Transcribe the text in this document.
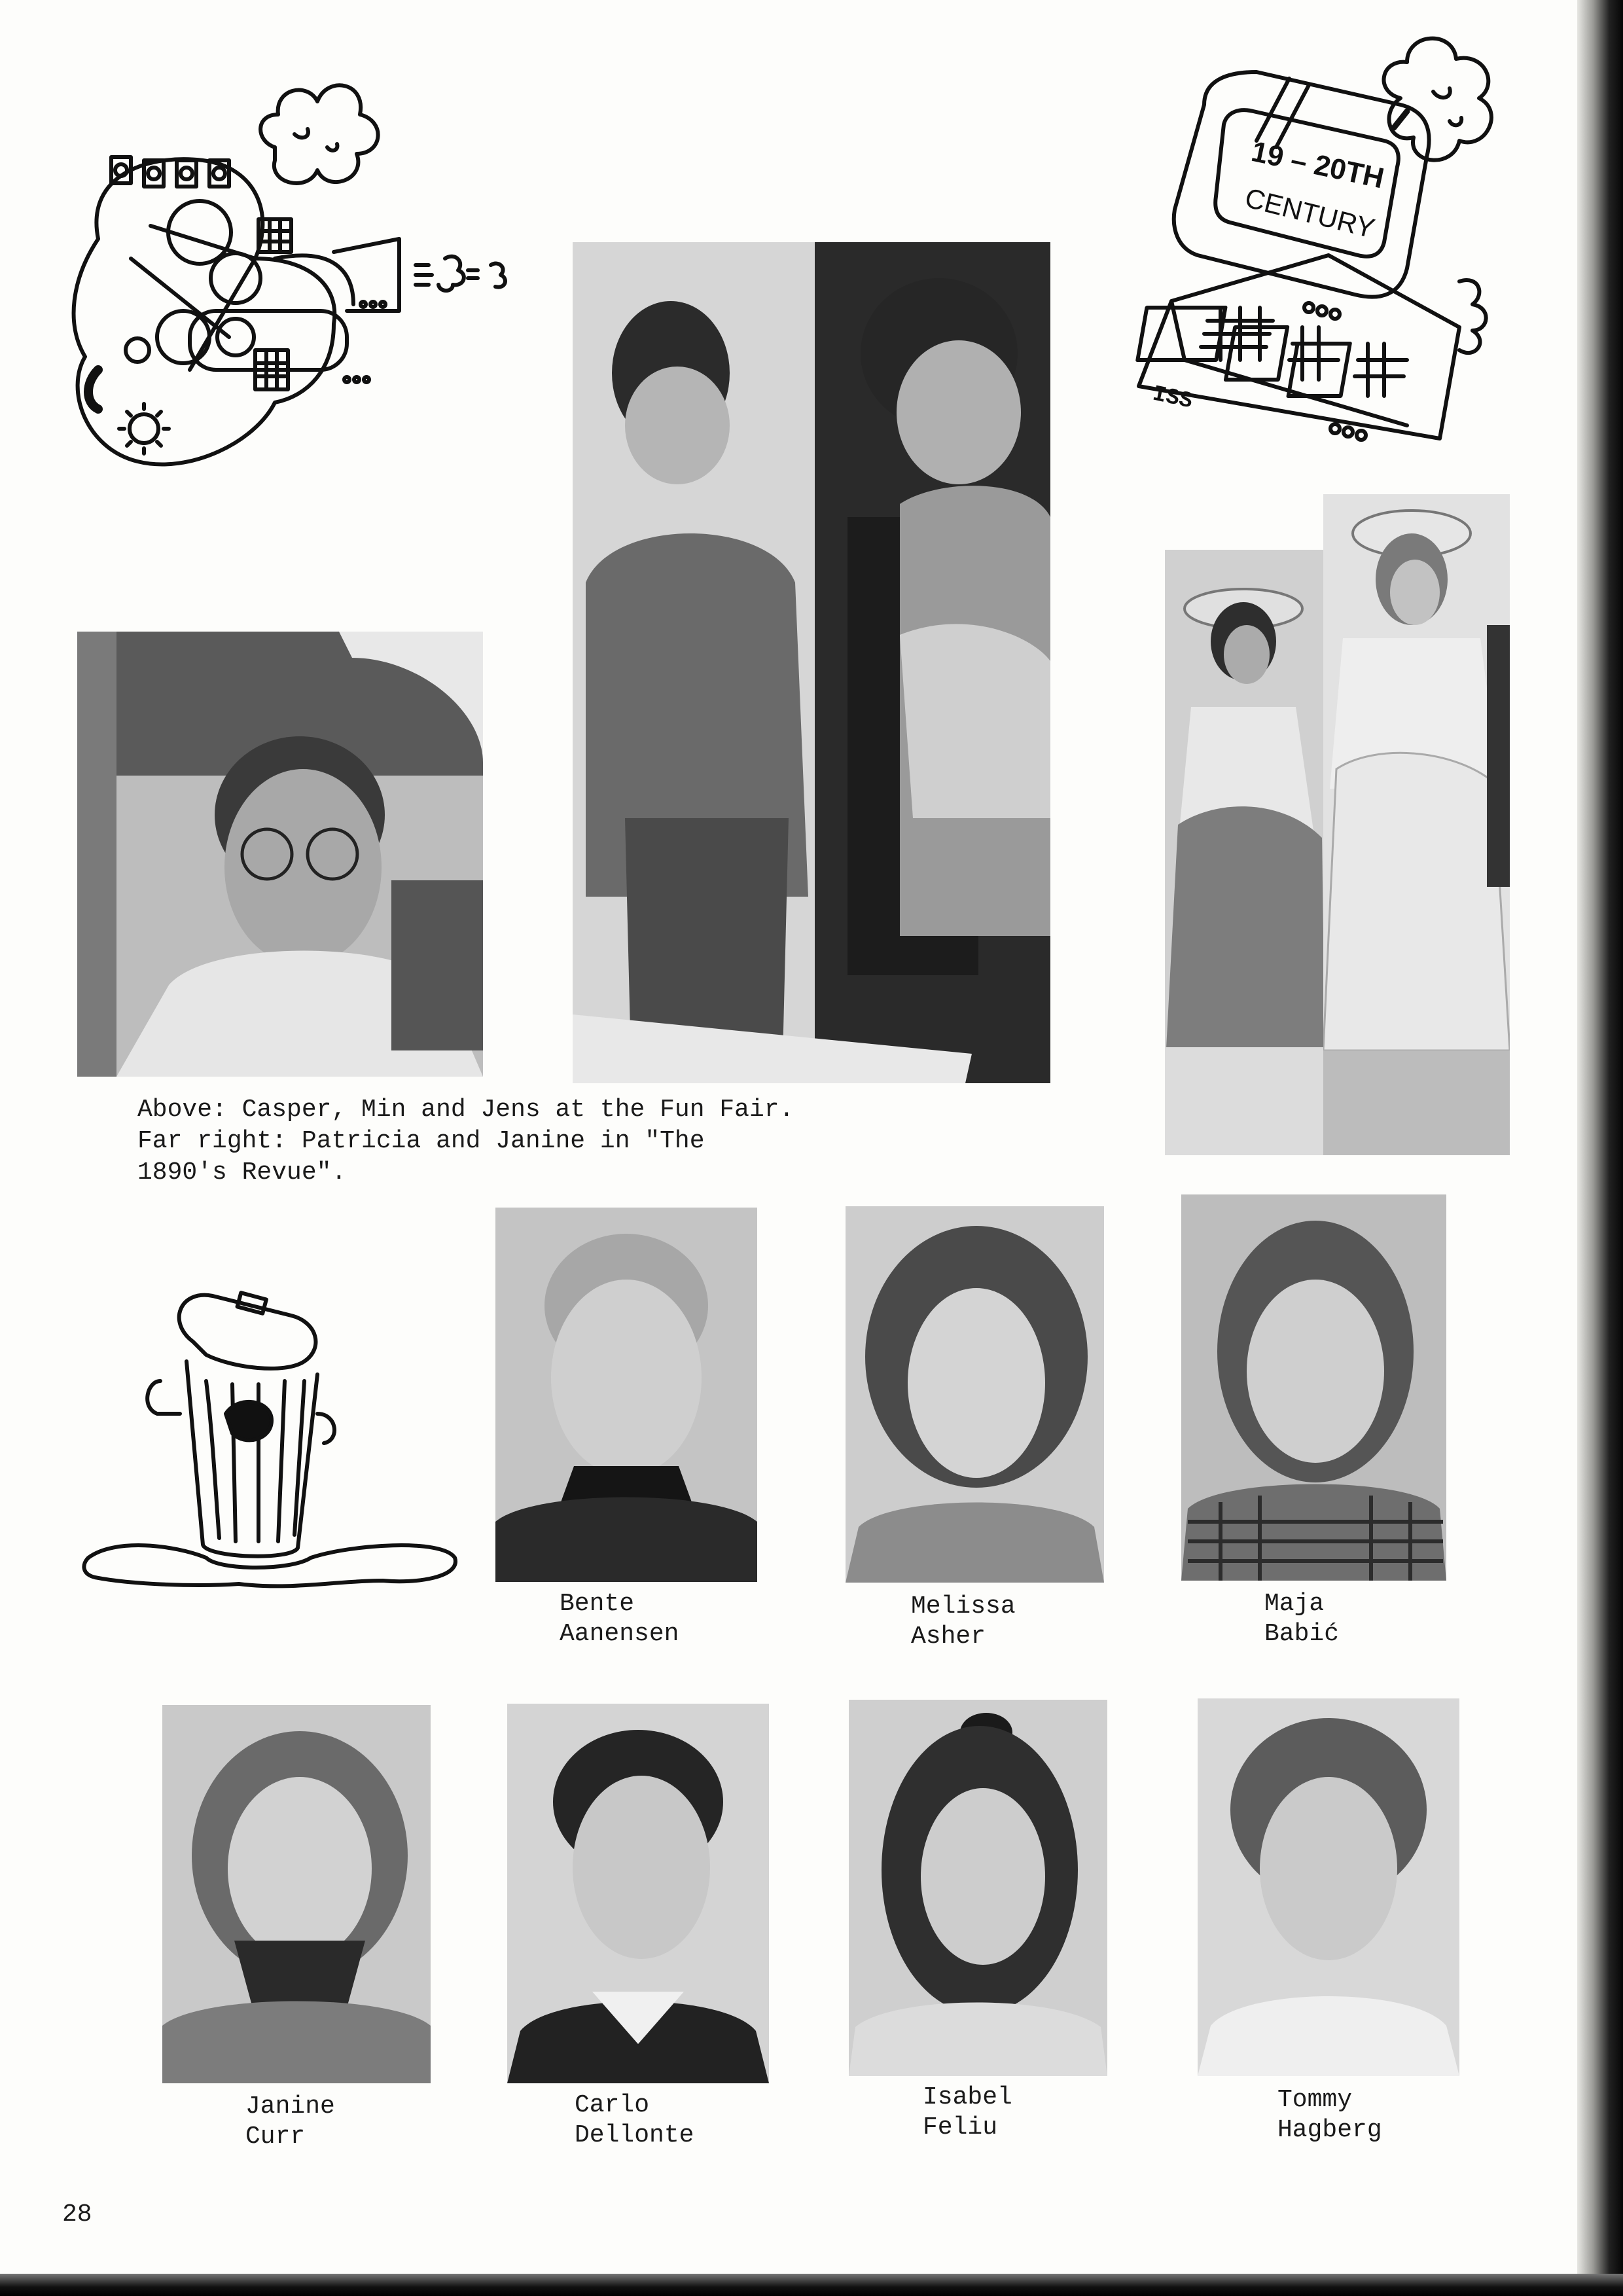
ISS
19 – 20TH
CENTURY
Above: Casper, Min and Jens at the Fun Fair.
Far right: Patricia and Janine in "The
1890's Revue".
Bente
Aanensen
Melissa
Asher
Maja
Babić
Janine
Curr
Carlo
Dellonte
Isabel
Feliu
Tommy
Hagberg
28
